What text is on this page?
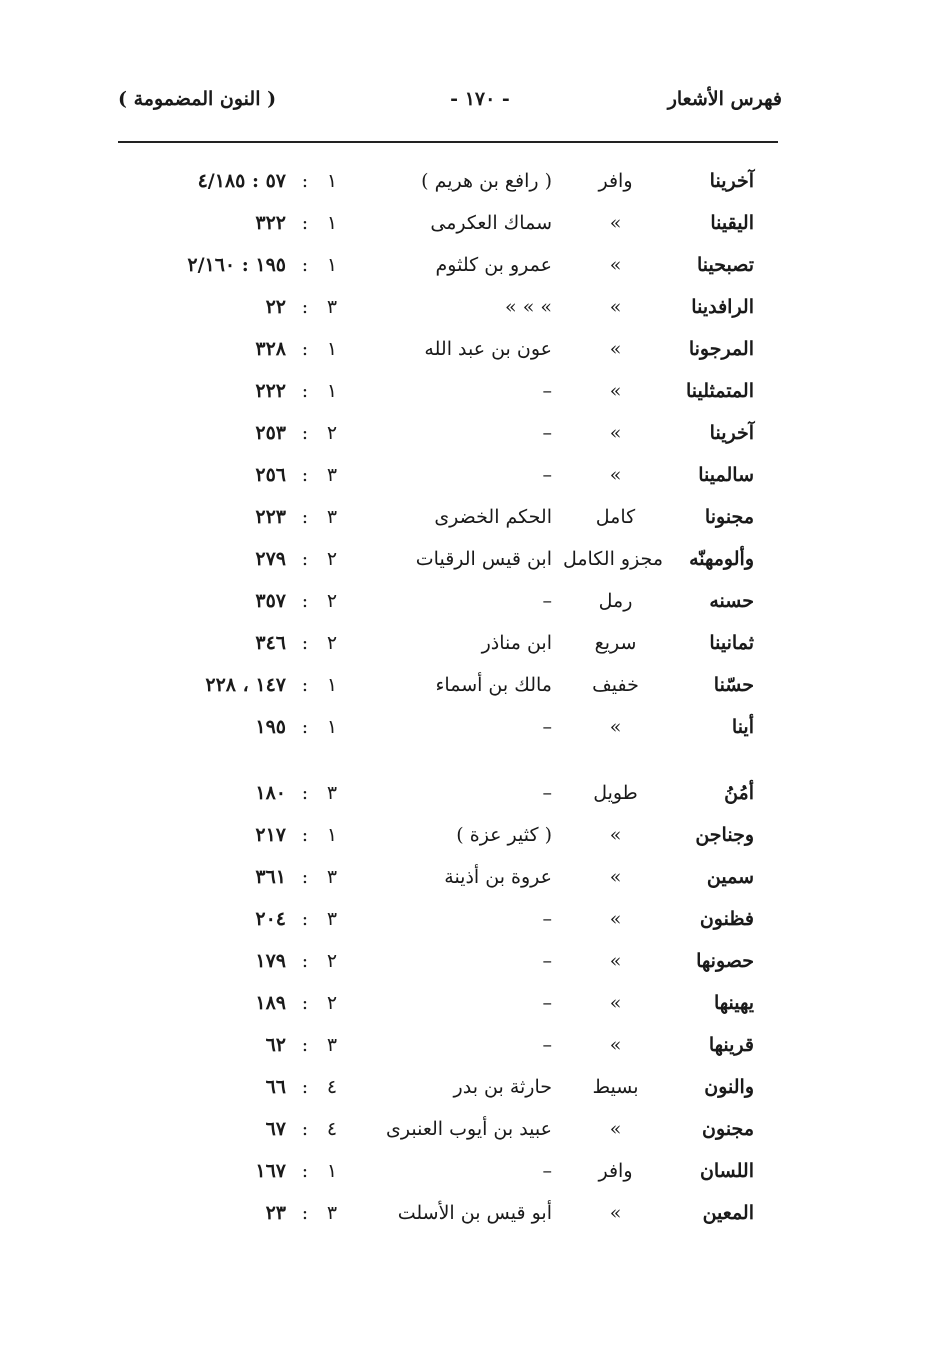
فهرس الأشعار
- ١٧٠ -
( النون المضمومة )
آخرينا
وافر
( رافع بن هريم )
١
:
٥٧ : ٤/١٨٥
اليقينا
»
سماك العكرمى
١
:
٣٢٢
تصبحينا
»
عمرو بن كلثوم
١
:
١٩٥ : ٢/١٦٠
الرافدينا
»
» » »
٣
:
٢٢
المرجونا
»
عون بن عبد الله
١
:
٣٢٨
المتمثلينا
»
–
١
:
٢٢٢
آخرينا
»
–
٢
:
٢٥٣
سالمينا
»
–
٣
:
٢٥٦
مجنونا
كامل
الحكم الخضرى
٣
:
٢٢٣
وألومهنّه
مجزو الكامل
ابن قيس الرقيات
٢
:
٢٧٩
حسنه
رمل
–
٢
:
٣٥٧
ثمانينا
سريع
ابن مناذر
٢
:
٣٤٦
حسّنا
خفيف
مالك بن أسماء
١
:
١٤٧ ، ٢٢٨
أينا
»
–
١
:
١٩٥
أمُنُ
طويل
–
٣
:
١٨٠
وجناجن
»
( كثير عزة )
١
:
٢١٧
سمين
»
عروة بن أذينة
٣
:
٣٦١
فظنون
»
–
٣
:
٢٠٤
حصونها
»
–
٢
:
١٧٩
يهينها
»
–
٢
:
١٨٩
قرينها
»
–
٣
:
٦٢
والنون
بسيط
حارثة بن بدر
٤
:
٦٦
مجنون
»
عبيد بن أيوب العنبرى
٤
:
٦٧
اللسان
وافر
–
١
:
١٦٧
المعين
»
أبو قيس بن الأسلت
٣
:
٢٣
